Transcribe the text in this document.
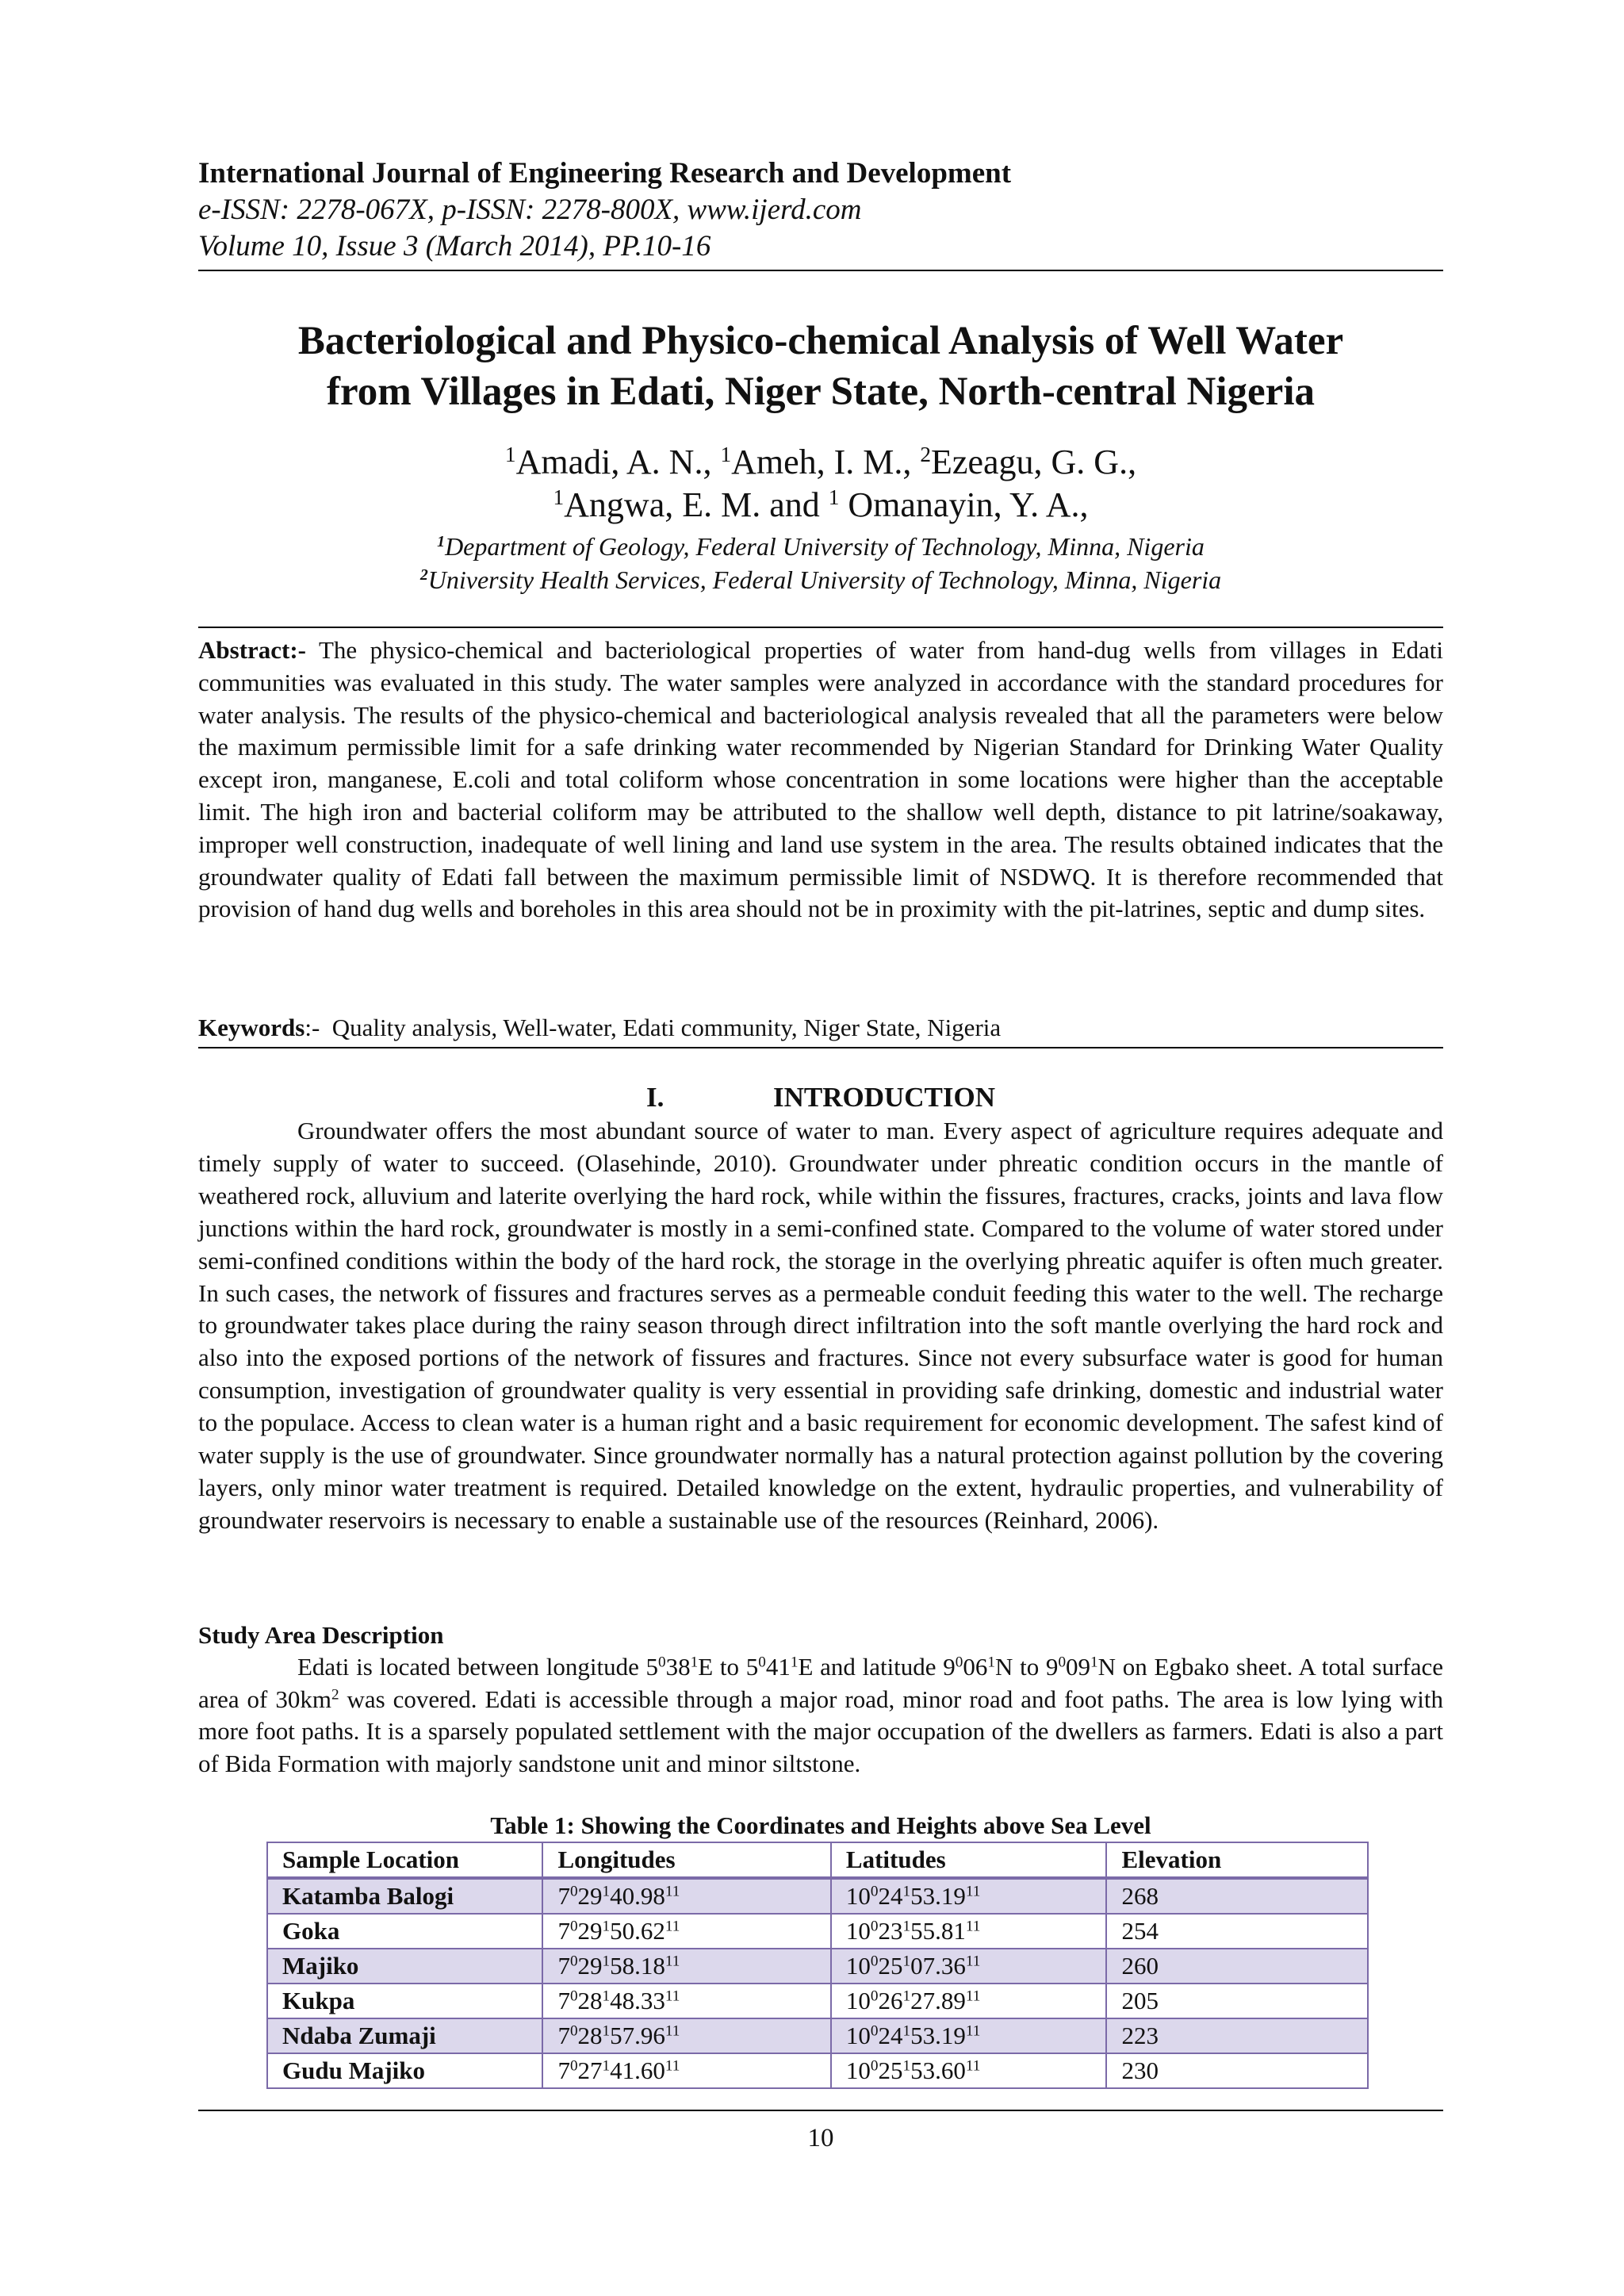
International Journal of Engineering Research and Development
e-ISSN: 2278-067X, p-ISSN: 2278-800X, www.ijerd.com
Volume 10, Issue 3 (March 2014), PP.10-16
Bacteriological and Physico-chemical Analysis of Well Water
from Villages in Edati, Niger State, North-central Nigeria
$^1$Amadi, A. N., $^1$Ameh, I. M., $^2$Ezeagu, G. G.,
$^1$Angwa, E. M. and $^1$ Omanayin, Y. A.,
$^1$Department of Geology, Federal University of Technology, Minna, Nigeria
$^2$University Health Services, Federal University of Technology, Minna, Nigeria
Abstract:- The physico-chemical and bacteriological properties of water from hand-dug wells from villages in Edati communities was evaluated in this study. The water samples were analyzed in accordance with the standard procedures for water analysis. The results of the physico-chemical and bacteriological analysis revealed that all the parameters were below the maximum permissible limit for a safe drinking water recommended by Nigerian Standard for Drinking Water Quality except iron, manganese, E.coli and total coliform whose concentration in some locations were higher than the acceptable limit. The high iron and bacterial coliform may be attributed to the shallow well depth, distance to pit latrine/soakaway, improper well construction, inadequate of well lining and land use system in the area. The results obtained indicates that the groundwater quality of Edati fall between the maximum permissible limit of NSDWQ. It is therefore recommended that provision of hand dug wells and boreholes in this area should not be in proximity with the pit-latrines, septic and dump sites.
Keywords:- Quality analysis, Well-water, Edati community, Niger State, Nigeria
I.	INTRODUCTION
Groundwater offers the most abundant source of water to man. Every aspect of agriculture requires adequate and timely supply of water to succeed. (Olasehinde, 2010). Groundwater under phreatic condition occurs in the mantle of weathered rock, alluvium and laterite overlying the hard rock, while within the fissures, fractures, cracks, joints and lava flow junctions within the hard rock, groundwater is mostly in a semi-confined state. Compared to the volume of water stored under semi-confined conditions within the body of the hard rock, the storage in the overlying phreatic aquifer is often much greater. In such cases, the network of fissures and fractures serves as a permeable conduit feeding this water to the well. The recharge to groundwater takes place during the rainy season through direct infiltration into the soft mantle overlying the hard rock and also into the exposed portions of the network of fissures and fractures. Since not every subsurface water is good for human consumption, investigation of groundwater quality is very essential in providing safe drinking, domestic and industrial water to the populace. Access to clean water is a human right and a basic requirement for economic development. The safest kind of water supply is the use of groundwater. Since groundwater normally has a natural protection against pollution by the covering layers, only minor water treatment is required. Detailed knowledge on the extent, hydraulic properties, and vulnerability of groundwater reservoirs is necessary to enable a sustainable use of the resources (Reinhard, 2006).
Study Area Description
Edati is located between longitude $5^038^1E$ to $5^041^1E$ and latitude $9^006^1N$ to $9^009^1N$ on Egbako sheet. A total surface area of $30km^2$ was covered. Edati is accessible through a major road, minor road and foot paths. The area is low lying with more foot paths. It is a sparsely populated settlement with the major occupation of the dwellers as farmers. Edati is also a part of Bida Formation with majorly sandstone unit and minor siltstone.
Table 1: Showing the Coordinates and Heights above Sea Level
Sample Location	Longitudes	Latitudes	Elevation
Katamba Balogi	$7^029^140.98^{11}$	$10^024^153.19^{11}$	268
Goka	$7^029^150.62^{11}$	$10^023^155.81^{11}$	254
Majiko	$7^029^158.18^{11}$	$10^025^107.36^{11}$	260
Kukpa	$7^028^148.33^{11}$	$10^026^127.89^{11}$	205
Ndaba Zumaji	$7^028^157.96^{11}$	$10^024^153.19^{11}$	223
Gudu Majiko	$7^027^141.60^{11}$	$10^025^153.60^{11}$	230
10
